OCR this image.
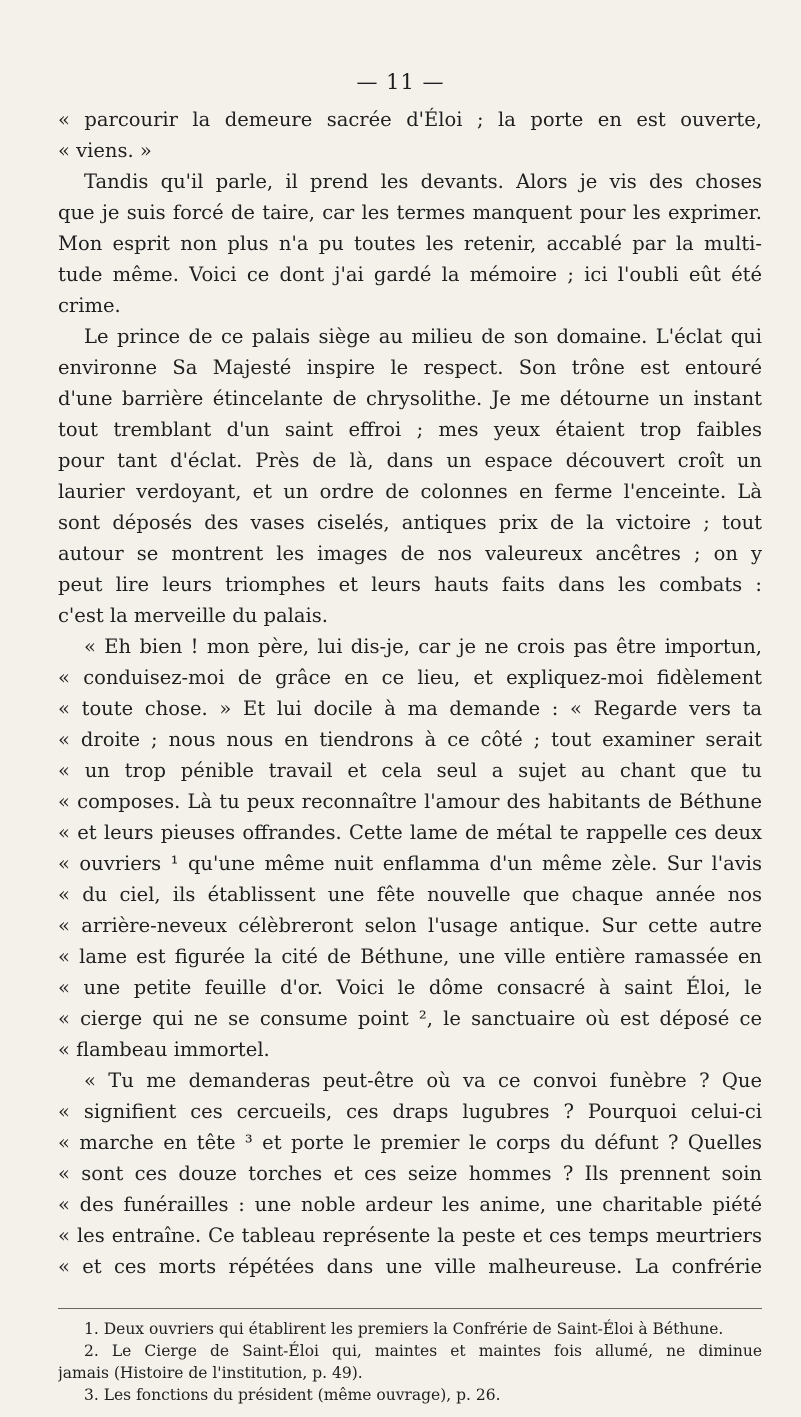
— 11 —
« parcourir la demeure sacrée d'Éloi ; la porte en est ouverte,
« viens. »
Tandis qu'il parle, il prend les devants. Alors je vis des choses
que je suis forcé de taire, car les termes manquent pour les exprimer.
Mon esprit non plus n'a pu toutes les retenir, accablé par la multi-
tude même. Voici ce dont j'ai gardé la mémoire ; ici l'oubli eût été
crime.
Le prince de ce palais siège au milieu de son domaine. L'éclat qui
environne Sa Majesté inspire le respect. Son trône est entouré
d'une barrière étincelante de chrysolithe. Je me détourne un instant
tout tremblant d'un saint effroi ; mes yeux étaient trop faibles
pour tant d'éclat. Près de là, dans un espace découvert croît un
laurier verdoyant, et un ordre de colonnes en ferme l'enceinte. Là
sont déposés des vases ciselés, antiques prix de la victoire ; tout
autour se montrent les images de nos valeureux ancêtres ; on y
peut lire leurs triomphes et leurs hauts faits dans les combats :
c'est la merveille du palais.
« Eh bien ! mon père, lui dis-je, car je ne crois pas être importun,
« conduisez-moi de grâce en ce lieu, et expliquez-moi fidèlement
« toute chose. » Et lui docile à ma demande : « Regarde vers ta
« droite ; nous nous en tiendrons à ce côté ; tout examiner serait
« un trop pénible travail et cela seul a sujet au chant que tu
« composes. Là tu peux reconnaître l'amour des habitants de Béthune
« et leurs pieuses offrandes. Cette lame de métal te rappelle ces deux
« ouvriers ¹ qu'une même nuit enflamma d'un même zèle. Sur l'avis
« du ciel, ils établissent une fête nouvelle que chaque année nos
« arrière-neveux célèbreront selon l'usage antique. Sur cette autre
« lame est figurée la cité de Béthune, une ville entière ramassée en
« une petite feuille d'or. Voici le dôme consacré à saint Éloi, le
« cierge qui ne se consume point ², le sanctuaire où est déposé ce
« flambeau immortel.
« Tu me demanderas peut-être où va ce convoi funèbre ? Que
« signifient ces cercueils, ces draps lugubres ? Pourquoi celui-ci
« marche en tête ³ et porte le premier le corps du défunt ? Quelles
« sont ces douze torches et ces seize hommes ? Ils prennent soin
« des funérailles : une noble ardeur les anime, une charitable piété
« les entraîne. Ce tableau représente la peste et ces temps meurtriers
« et ces morts répétées dans une ville malheureuse. La confrérie
1. Deux ouvriers qui établirent les premiers la Confrérie de Saint-Éloi à Béthune.
2. Le Cierge de Saint-Éloi qui, maintes et maintes fois allumé, ne diminue
jamais (Histoire de l'institution, p. 49).
3. Les fonctions du président (même ouvrage), p. 26.
